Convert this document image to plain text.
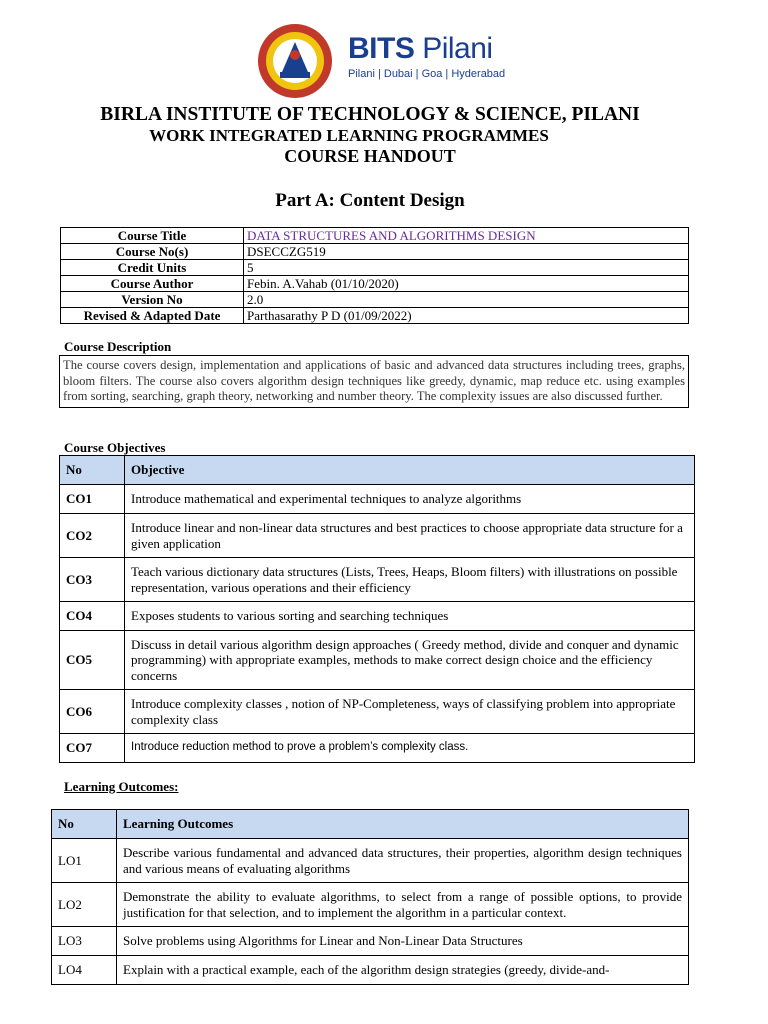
BITS Pilani
Pilani | Dubai | Goa | Hyderabad
BIRLA INSTITUTE OF TECHNOLOGY & SCIENCE, PILANI
WORK INTEGRATED LEARNING PROGRAMMES
COURSE HANDOUT
Part A: Content Design
Course Title	DATA STRUCTURES AND ALGORITHMS DESIGN
Course No(s)	DSECCZG519
Credit Units	5
Course Author	Febin. A.Vahab (01/10/2020)
Version No	2.0
Revised & Adapted Date	Parthasarathy P D (01/09/2022)
Course Description
The course covers design, implementation and applications of basic and advanced data structures including trees, graphs, bloom filters. The course also covers algorithm design techniques like greedy, dynamic, map reduce etc. using examples from sorting, searching, graph theory, networking and number theory. The complexity issues are also discussed further.
Course Objectives
No	Objective
CO1	Introduce mathematical and experimental techniques to analyze algorithms
CO2	Introduce linear and non-linear data structures and best practices to choose appropriate data structure for a given application
CO3	Teach various dictionary data structures (Lists, Trees, Heaps, Bloom filters) with illustrations on possible representation, various operations and their efficiency
CO4	Exposes students to various sorting and searching techniques
CO5	Discuss in detail various algorithm design approaches ( Greedy method, divide and conquer and dynamic programming) with appropriate examples, methods to make correct design choice and the efficiency concerns
CO6	Introduce complexity classes , notion of NP-Completeness, ways of classifying problem into appropriate complexity class
CO7	Introduce reduction method to prove a problem’s complexity class.
Learning Outcomes:
No	Learning Outcomes
LO1	Describe various fundamental and advanced data structures, their properties, algorithm design techniques and various means of evaluating algorithms
LO2	Demonstrate the ability to evaluate algorithms, to select from a range of possible options, to provide justification for that selection, and to implement the algorithm in a particular context.
LO3	Solve problems using Algorithms for Linear and Non-Linear Data Structures
LO4	Explain with a practical example, each of the algorithm design strategies (greedy, divide-and-
